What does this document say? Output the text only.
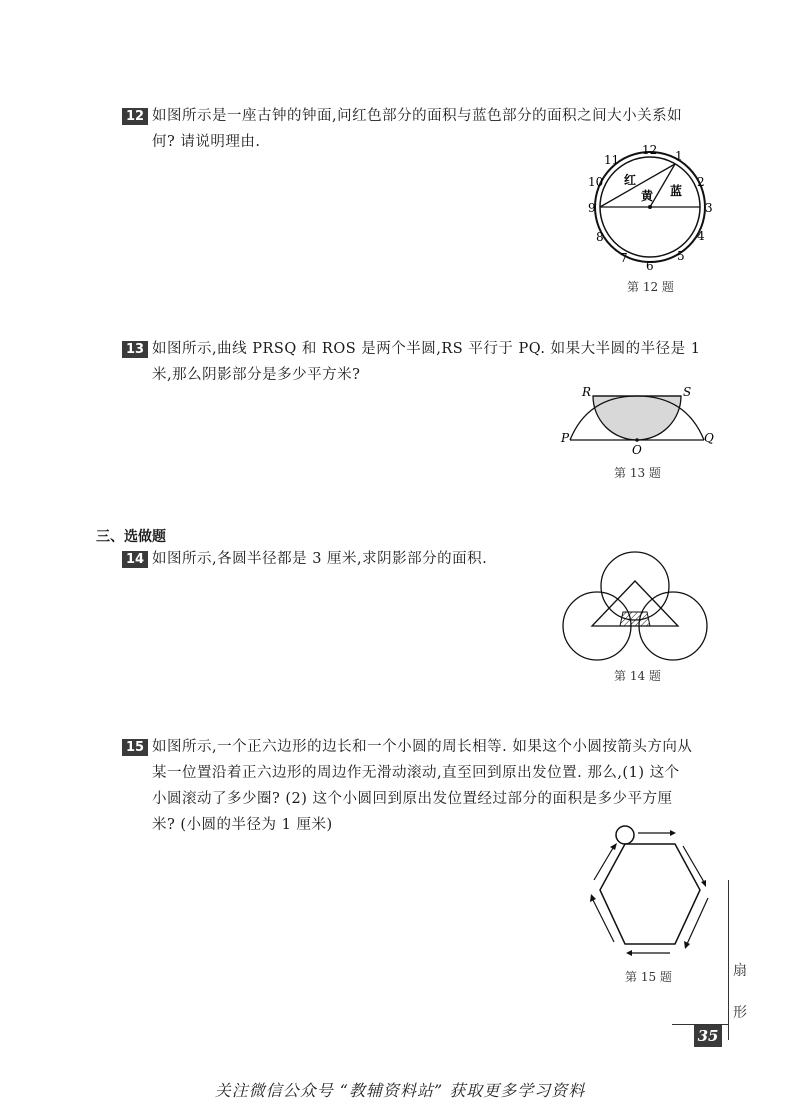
12 如图所示是一座古钟的钟面,问红色部分的面积与蓝色部分的面积之间大小关系如
何? 请说明理由.	12 1
2
3
4
5
6
7
8
9
10
11
红
黄 蓝
第 12 题
13 如图所示,曲线 PRSQ 和 ROS 是两个半圆,RS 平行于 PQ. 如果大半圆的半径是 1
米,那么阴影部分是多少平方米?
R	S
P	Q
O
第 13 题
三、选做题
14 如图所示,各圆半径都是 3 厘米,求阴影部分的面积.
第 14 题
15 如图所示,一个正六边形的边长和一个小圆的周长相等. 如果这个小圆按箭头方向从
某一位置沿着正六边形的周边作无滑动滚动,直至回到原出发位置. 那么,(1) 这个
小圆滚动了多少圈? (2) 这个小圆回到原出发位置经过部分的面积是多少平方厘
米? (小圆的半径为 1 厘米)
第 15 题	扇
形
35
关注微信公众号 “教辅资料站” 获取更多学习资料
